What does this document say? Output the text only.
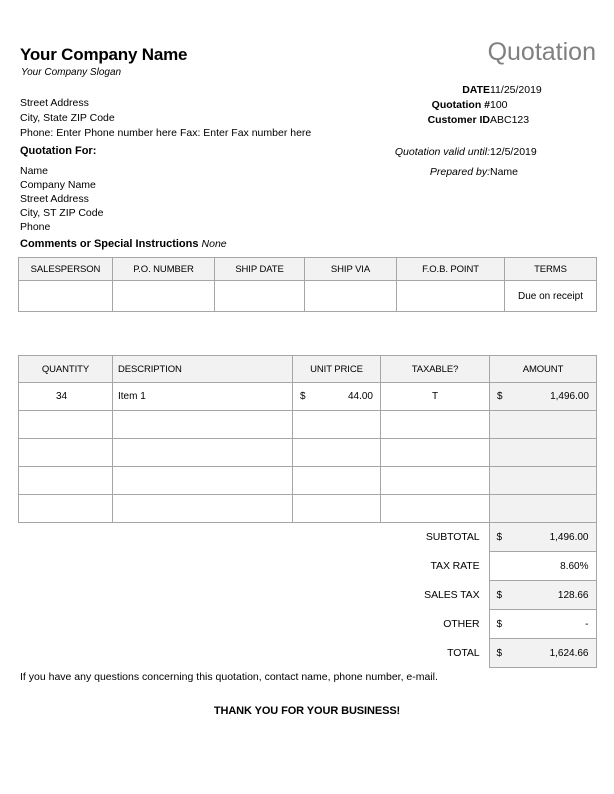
Your Company Name
Your Company Slogan
Quotation
Street Address
City, State ZIP Code
Phone: Enter Phone number here Fax: Enter Fax number here
DATE 11/25/2019
Quotation # 100
Customer ID ABC123
Quotation valid until: 12/5/2019
Prepared by: Name
Quotation For:
Name
Company Name
Street Address
City, ST ZIP Code
Phone
Comments or Special Instructions None
SALESPERSON	P.O. NUMBER	SHIP DATE	SHIP VIA	F.O.B. POINT	TERMS
					Due on receipt
QUANTITY	DESCRIPTION	UNIT PRICE	TAXABLE?	AMOUNT
34	Item 1	$ 44.00	T	$ 1,496.00

SUBTOTAL	$ 1,496.00

TAX RATE	8.60%

SALES TAX	$ 128.66

OTHER	$ -

TOTAL	$ 1,624.66
If you have any questions concerning this quotation, contact name, phone number, e-mail.
THANK YOU FOR YOUR BUSINESS!
